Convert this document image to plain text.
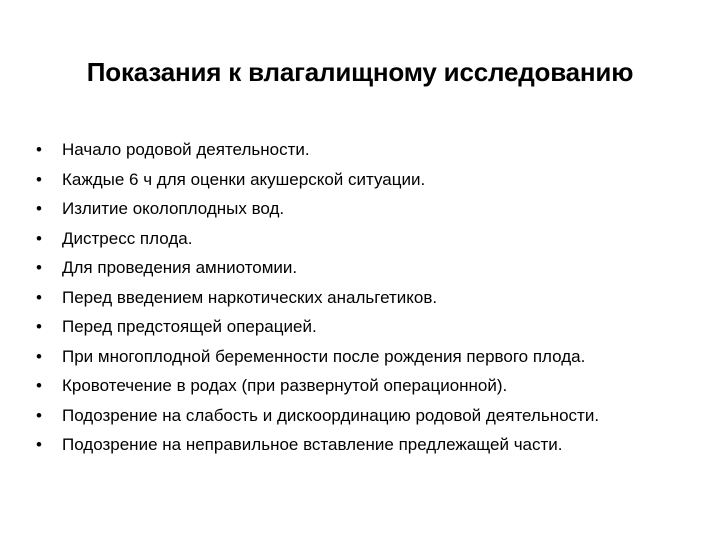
Показания к влагалищному исследованию
•	Начало родовой деятельности.
•	Каждые 6 ч для оценки акушерской ситуации.
•	Излитие околоплодных вод.
•	Дистресс плода.
•	Для проведения амниотомии.
•	Перед введением наркотических анальгетиков.
•	Перед предстоящей операцией.
•	При многоплодной беременности после рождения первого плода.
•	Кровотечение в родах (при развернутой операционной).
•	Подозрение на слабость и дискоординацию родовой деятельности.
•	Подозрение на неправильное вставление предлежащей части.
